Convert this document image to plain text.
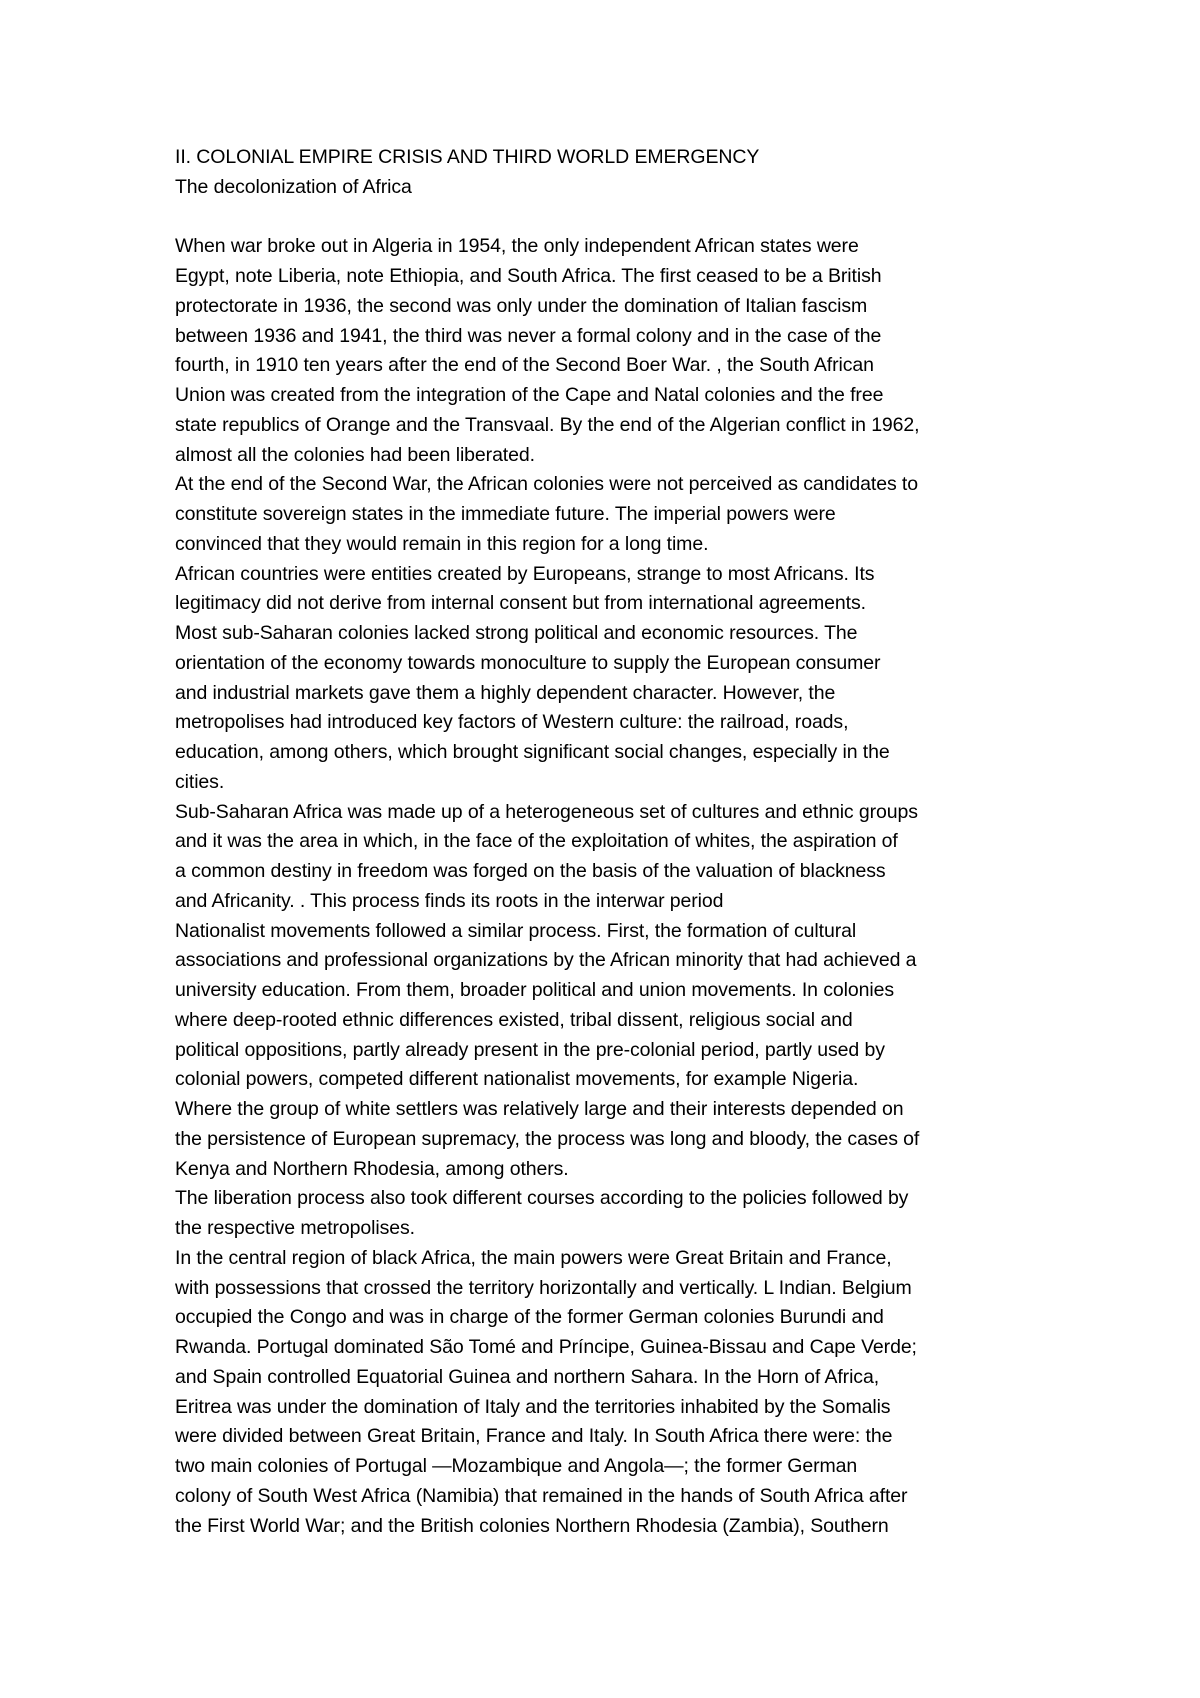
II. COLONIAL EMPIRE CRISIS AND THIRD WORLD EMERGENCY
The decolonization of Africa
When war broke out in Algeria in 1954, the only independent African states were
Egypt, note Liberia, note Ethiopia, and South Africa. The first ceased to be a British
protectorate in 1936, the second was only under the domination of Italian fascism
between 1936 and 1941, the third was never a formal colony and in the case of the
fourth, in 1910 ten years after the end of the Second Boer War. , the South African
Union was created from the integration of the Cape and Natal colonies and the free
state republics of Orange and the Transvaal. By the end of the Algerian conflict in 1962,
almost all the colonies had been liberated.
At the end of the Second War, the African colonies were not perceived as candidates to
constitute sovereign states in the immediate future. The imperial powers were
convinced that they would remain in this region for a long time.
African countries were entities created by Europeans, strange to most Africans. Its
legitimacy did not derive from internal consent but from international agreements.
Most sub-Saharan colonies lacked strong political and economic resources. The
orientation of the economy towards monoculture to supply the European consumer
and industrial markets gave them a highly dependent character. However, the
metropolises had introduced key factors of Western culture: the railroad, roads,
education, among others, which brought significant social changes, especially in the
cities.
Sub-Saharan Africa was made up of a heterogeneous set of cultures and ethnic groups
and it was the area in which, in the face of the exploitation of whites, the aspiration of
a common destiny in freedom was forged on the basis of the valuation of blackness
and Africanity. . This process finds its roots in the interwar period
Nationalist movements followed a similar process. First, the formation of cultural
associations and professional organizations by the African minority that had achieved a
university education. From them, broader political and union movements. In colonies
where deep-rooted ethnic differences existed, tribal dissent, religious social and
political oppositions, partly already present in the pre-colonial period, partly used by
colonial powers, competed different nationalist movements, for example Nigeria.
Where the group of white settlers was relatively large and their interests depended on
the persistence of European supremacy, the process was long and bloody, the cases of
Kenya and Northern Rhodesia, among others.
The liberation process also took different courses according to the policies followed by
the respective metropolises.
In the central region of black Africa, the main powers were Great Britain and France,
with possessions that crossed the territory horizontally and vertically. L Indian. Belgium
occupied the Congo and was in charge of the former German colonies Burundi and
Rwanda. Portugal dominated São Tomé and Príncipe, Guinea-Bissau and Cape Verde;
and Spain controlled Equatorial Guinea and northern Sahara. In the Horn of Africa,
Eritrea was under the domination of Italy and the territories inhabited by the Somalis
were divided between Great Britain, France and Italy. In South Africa there were: the
two main colonies of Portugal —Mozambique and Angola—; the former German
colony of South West Africa (Namibia) that remained in the hands of South Africa after
the First World War; and the British colonies Northern Rhodesia (Zambia), Southern
